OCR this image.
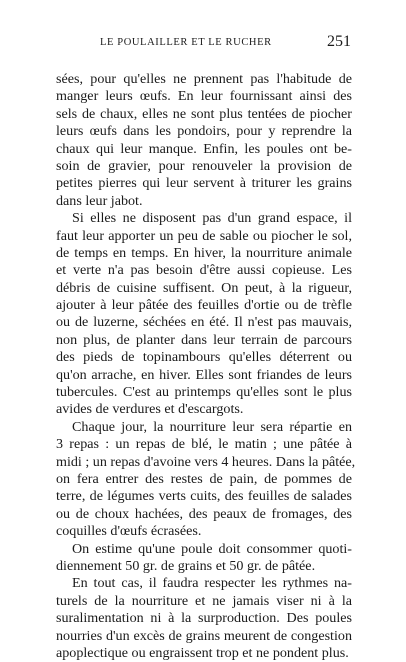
LE POULAILLER ET LE RUCHER	251
sées, pour qu'elles ne prennent pas l'habitude de
manger leurs œufs. En leur fournissant ainsi des
sels de chaux, elles ne sont plus tentées de piocher
leurs œufs dans les pondoirs, pour y reprendre la
chaux qui leur manque. Enfin, les poules ont be-
soin de gravier, pour renouveler la provision de
petites pierres qui leur servent à triturer les grains
dans leur jabot.
Si elles ne disposent pas d'un grand espace, il
faut leur apporter un peu de sable ou piocher le sol,
de temps en temps. En hiver, la nourriture animale
et verte n'a pas besoin d'être aussi copieuse. Les
débris de cuisine suffisent. On peut, à la rigueur,
ajouter à leur pâtée des feuilles d'ortie ou de trèfle
ou de luzerne, séchées en été. Il n'est pas mauvais,
non plus, de planter dans leur terrain de parcours
des pieds de topinambours qu'elles déterrent ou
qu'on arrache, en hiver. Elles sont friandes de leurs
tubercules. C'est au printemps qu'elles sont le plus
avides de verdures et d'escargots.
Chaque jour, la nourriture leur sera répartie en
3 repas : un repas de blé, le matin ; une pâtée à
midi ; un repas d'avoine vers 4 heures. Dans la pâtée,
on fera entrer des restes de pain, de pommes de
terre, de légumes verts cuits, des feuilles de salades
ou de choux hachées, des peaux de fromages, des
coquilles d'œufs écrasées.
On estime qu'une poule doit consommer quoti-
diennement 50 gr. de grains et 50 gr. de pâtée.
En tout cas, il faudra respecter les rythmes na-
turels de la nourriture et ne jamais viser ni à la
suralimentation ni à la surproduction. Des poules
nourries d'un excès de grains meurent de congestion
apoplectique ou engraissent trop et ne pondent plus.
